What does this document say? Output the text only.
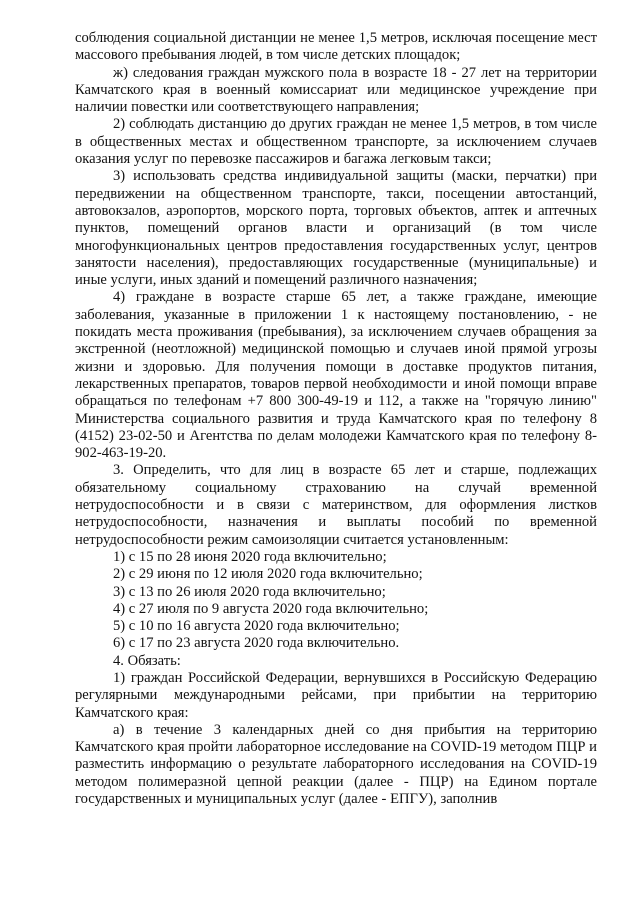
соблюдения социальной дистанции не менее 1,5 метров, исключая посещение мест массового пребывания людей, в том числе детских площадок;

ж) следования граждан мужского пола в возрасте 18 - 27 лет на территории Камчатского края в военный комиссариат или медицинское учреждение при наличии повестки или соответствующего направления;

2) соблюдать дистанцию до других граждан не менее 1,5 метров, в том числе в общественных местах и общественном транспорте, за исключением случаев оказания услуг по перевозке пассажиров и багажа легковым такси;

3) использовать средства индивидуальной защиты (маски, перчатки) при передвижении на общественном транспорте, такси, посещении автостанций, автовокзалов, аэропортов, морского порта, торговых объектов, аптек и аптечных пунктов, помещений органов власти и организаций (в том числе многофункциональных центров предоставления государственных услуг, центров занятости населения), предоставляющих государственные (муниципальные) и иные услуги, иных зданий и помещений различного назначения;

4) граждане в возрасте старше 65 лет, а также граждане, имеющие заболевания, указанные в приложении 1 к настоящему постановлению, - не покидать места проживания (пребывания), за исключением случаев обращения за экстренной (неотложной) медицинской помощью и случаев иной прямой угрозы жизни и здоровью. Для получения помощи в доставке продуктов питания, лекарственных препаратов, товаров первой необходимости и иной помощи вправе обращаться по телефонам +7 800 300-49-19 и 112, а также на "горячую линию" Министерства социального развития и труда Камчатского края по телефону 8 (4152) 23-02-50 и Агентства по делам молодежи Камчатского края по телефону 8-902-463-19-20.

3. Определить, что для лиц в возрасте 65 лет и старше, подлежащих обязательному социальному страхованию на случай временной нетрудоспособности и в связи с материнством, для оформления листков нетрудоспособности, назначения и выплаты пособий по временной нетрудоспособности режим самоизоляции считается установленным:

1) с 15 по 28 июня 2020 года включительно;

2) с 29 июня по 12 июля 2020 года включительно;

3) с 13 по 26 июля 2020 года включительно;

4) с 27 июля по 9 августа 2020 года включительно;

5) с 10 по 16 августа 2020 года включительно;

6) с 17 по 23 августа 2020 года включительно.

4. Обязать:

1) граждан Российской Федерации, вернувшихся в Российскую Федерацию регулярными международными рейсами, при прибытии на территорию Камчатского края:

а) в течение 3 календарных дней со дня прибытия на территорию Камчатского края пройти лабораторное исследование на COVID-19 методом ПЦР и разместить информацию о результате лабораторного исследования на COVID-19 методом полимеразной цепной реакции (далее - ПЦР) на Едином портале государственных и муниципальных услуг (далее - ЕПГУ), заполнив
